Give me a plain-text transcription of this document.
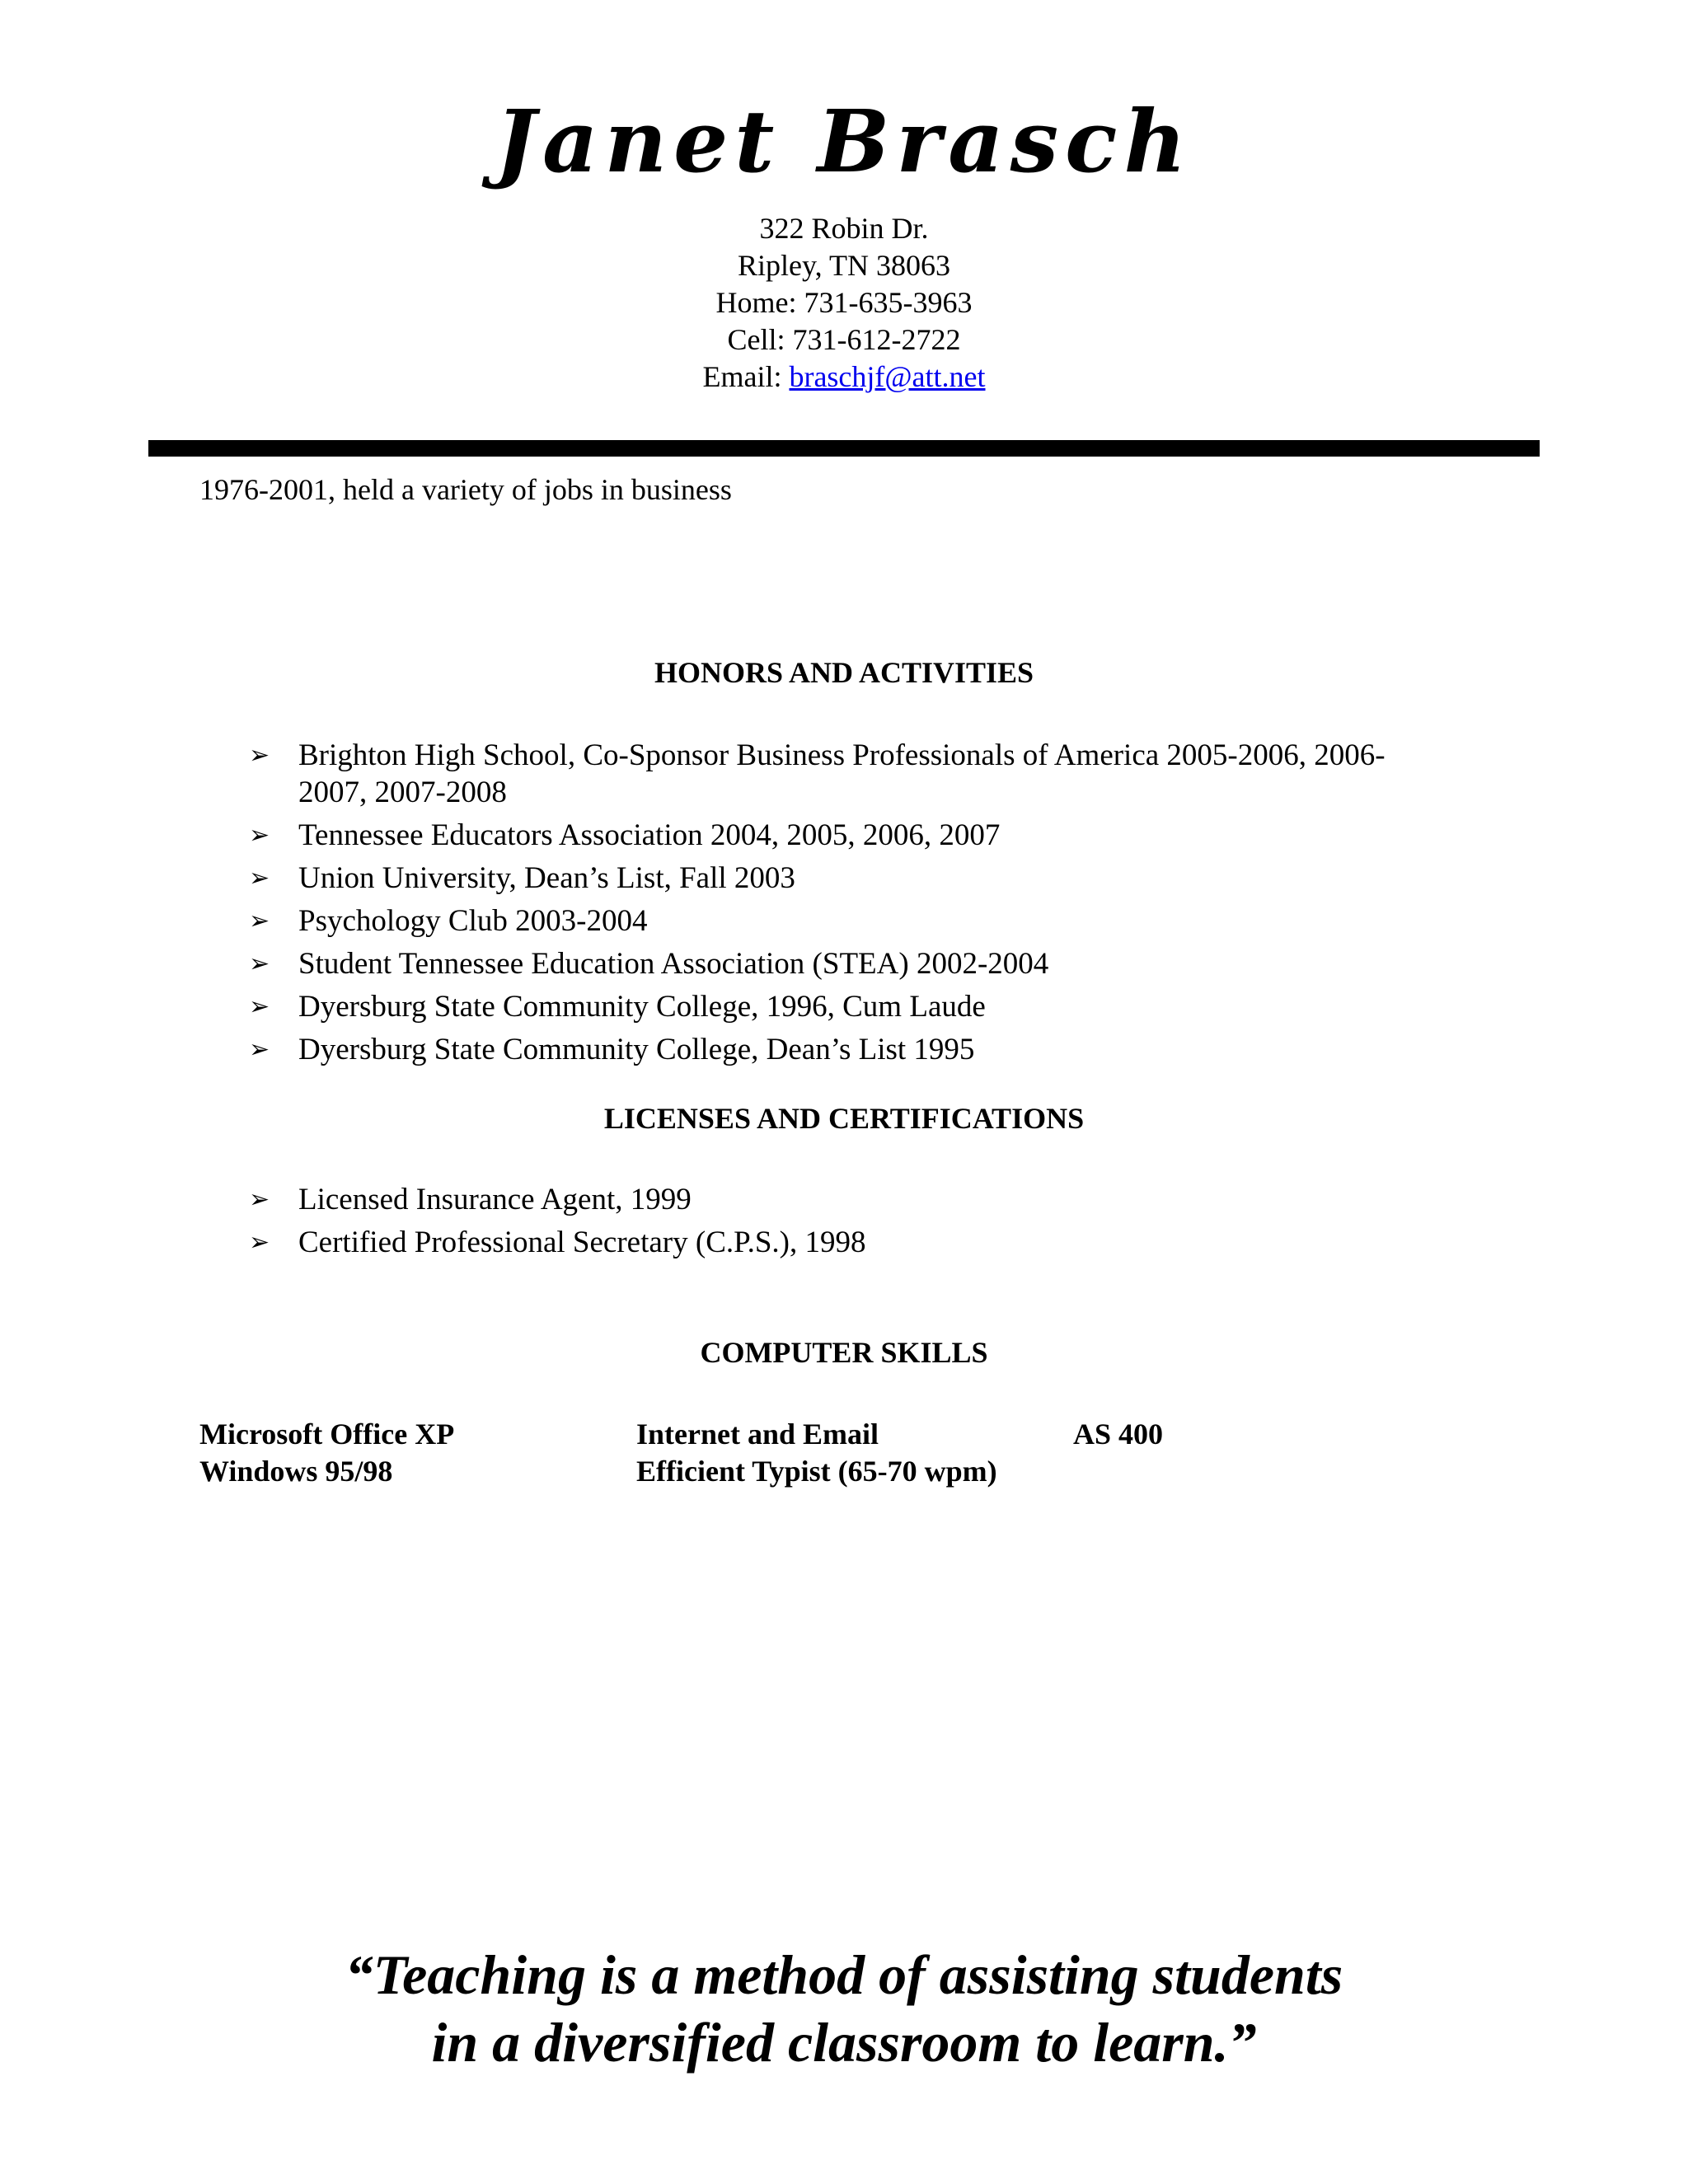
Janet Brasch
322 Robin Dr.
Ripley, TN 38063
Home: 731-635-3963
Cell: 731-612-2722
Email: braschjf@att.net
1976-2001, held a variety of jobs in business
HONORS AND ACTIVITIES
➢ Brighton High School, Co-Sponsor Business Professionals of America 2005-2006, 2006-2007, 2007-2008
➢ Tennessee Educators Association 2004, 2005, 2006, 2007
➢ Union University, Dean’s List, Fall 2003
➢ Psychology Club 2003-2004
➢ Student Tennessee Education Association (STEA) 2002-2004
➢ Dyersburg State Community College, 1996, Cum Laude
➢ Dyersburg State Community College, Dean’s List 1995
LICENSES AND CERTIFICATIONS
➢ Licensed Insurance Agent, 1999
➢ Certified Professional Secretary (C.P.S.), 1998
COMPUTER SKILLS
Microsoft Office XP
Windows 95/98
Internet and Email
Efficient Typist (65-70 wpm)
AS 400
“Teaching is a method of assisting students
in a diversified classroom to learn.”
